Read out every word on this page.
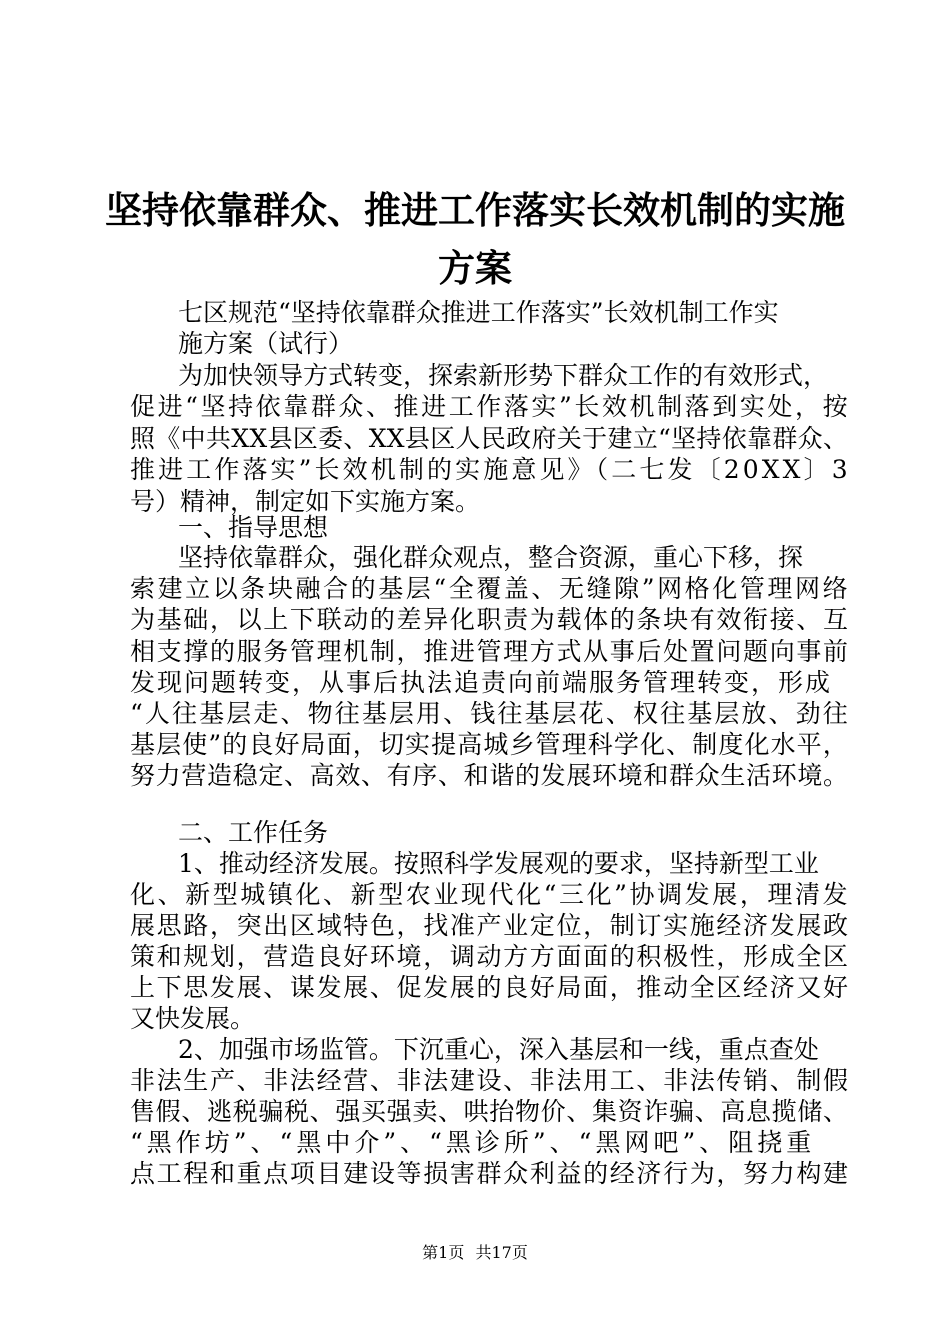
坚持依靠群众、推进工作落实长效机制的实施
方案

七区规范“坚持依靠群众推进工作落实”长效机制工作实

施方案（试行）

为加快领导方式转变，探索新形势下群众工作的有效形式，

促进“坚持依靠群众、推进工作落实”长效机制落到实处，按

照《中共XX县区委、XX县区人民政府关于建立“坚持依靠群众、

推进工作落实”长效机制的实施意见》（二七发〔20XX〕3

号）精神，制定如下实施方案。

一、指导思想

坚持依靠群众，强化群众观点，整合资源，重心下移，探

索建立以条块融合的基层“全覆盖、无缝隙”网格化管理网络

为基础，以上下联动的差异化职责为载体的条块有效衔接、互

相支撑的服务管理机制，推进管理方式从事后处置问题向事前

发现问题转变，从事后执法追责向前端服务管理转变，形成

“人往基层走、物往基层用、钱往基层花、权往基层放、劲往

基层使”的良好局面，切实提高城乡管理科学化、制度化水平，

努力营造稳定、高效、有序、和谐的发展环境和群众生活环境。

二、工作任务

1、推动经济发展。按照科学发展观的要求，坚持新型工业

化、新型城镇化、新型农业现代化“三化”协调发展，理清发

展思路，突出区域特色，找准产业定位，制订实施经济发展政

策和规划，营造良好环境，调动方方面面的积极性，形成全区

上下思发展、谋发展、促发展的良好局面，推动全区经济又好

又快发展。

2、加强市场监管。下沉重心，深入基层和一线，重点查处

非法生产、非法经营、非法建设、非法用工、非法传销、制假

售假、逃税骗税、强买强卖、哄抬物价、集资诈骗、高息揽储、

“黑作坊”、“黑中介”、“黑诊所”、“黑网吧”、阻挠重

点工程和重点项目建设等损害群众利益的经济行为，努力构建

第1页 共17页
